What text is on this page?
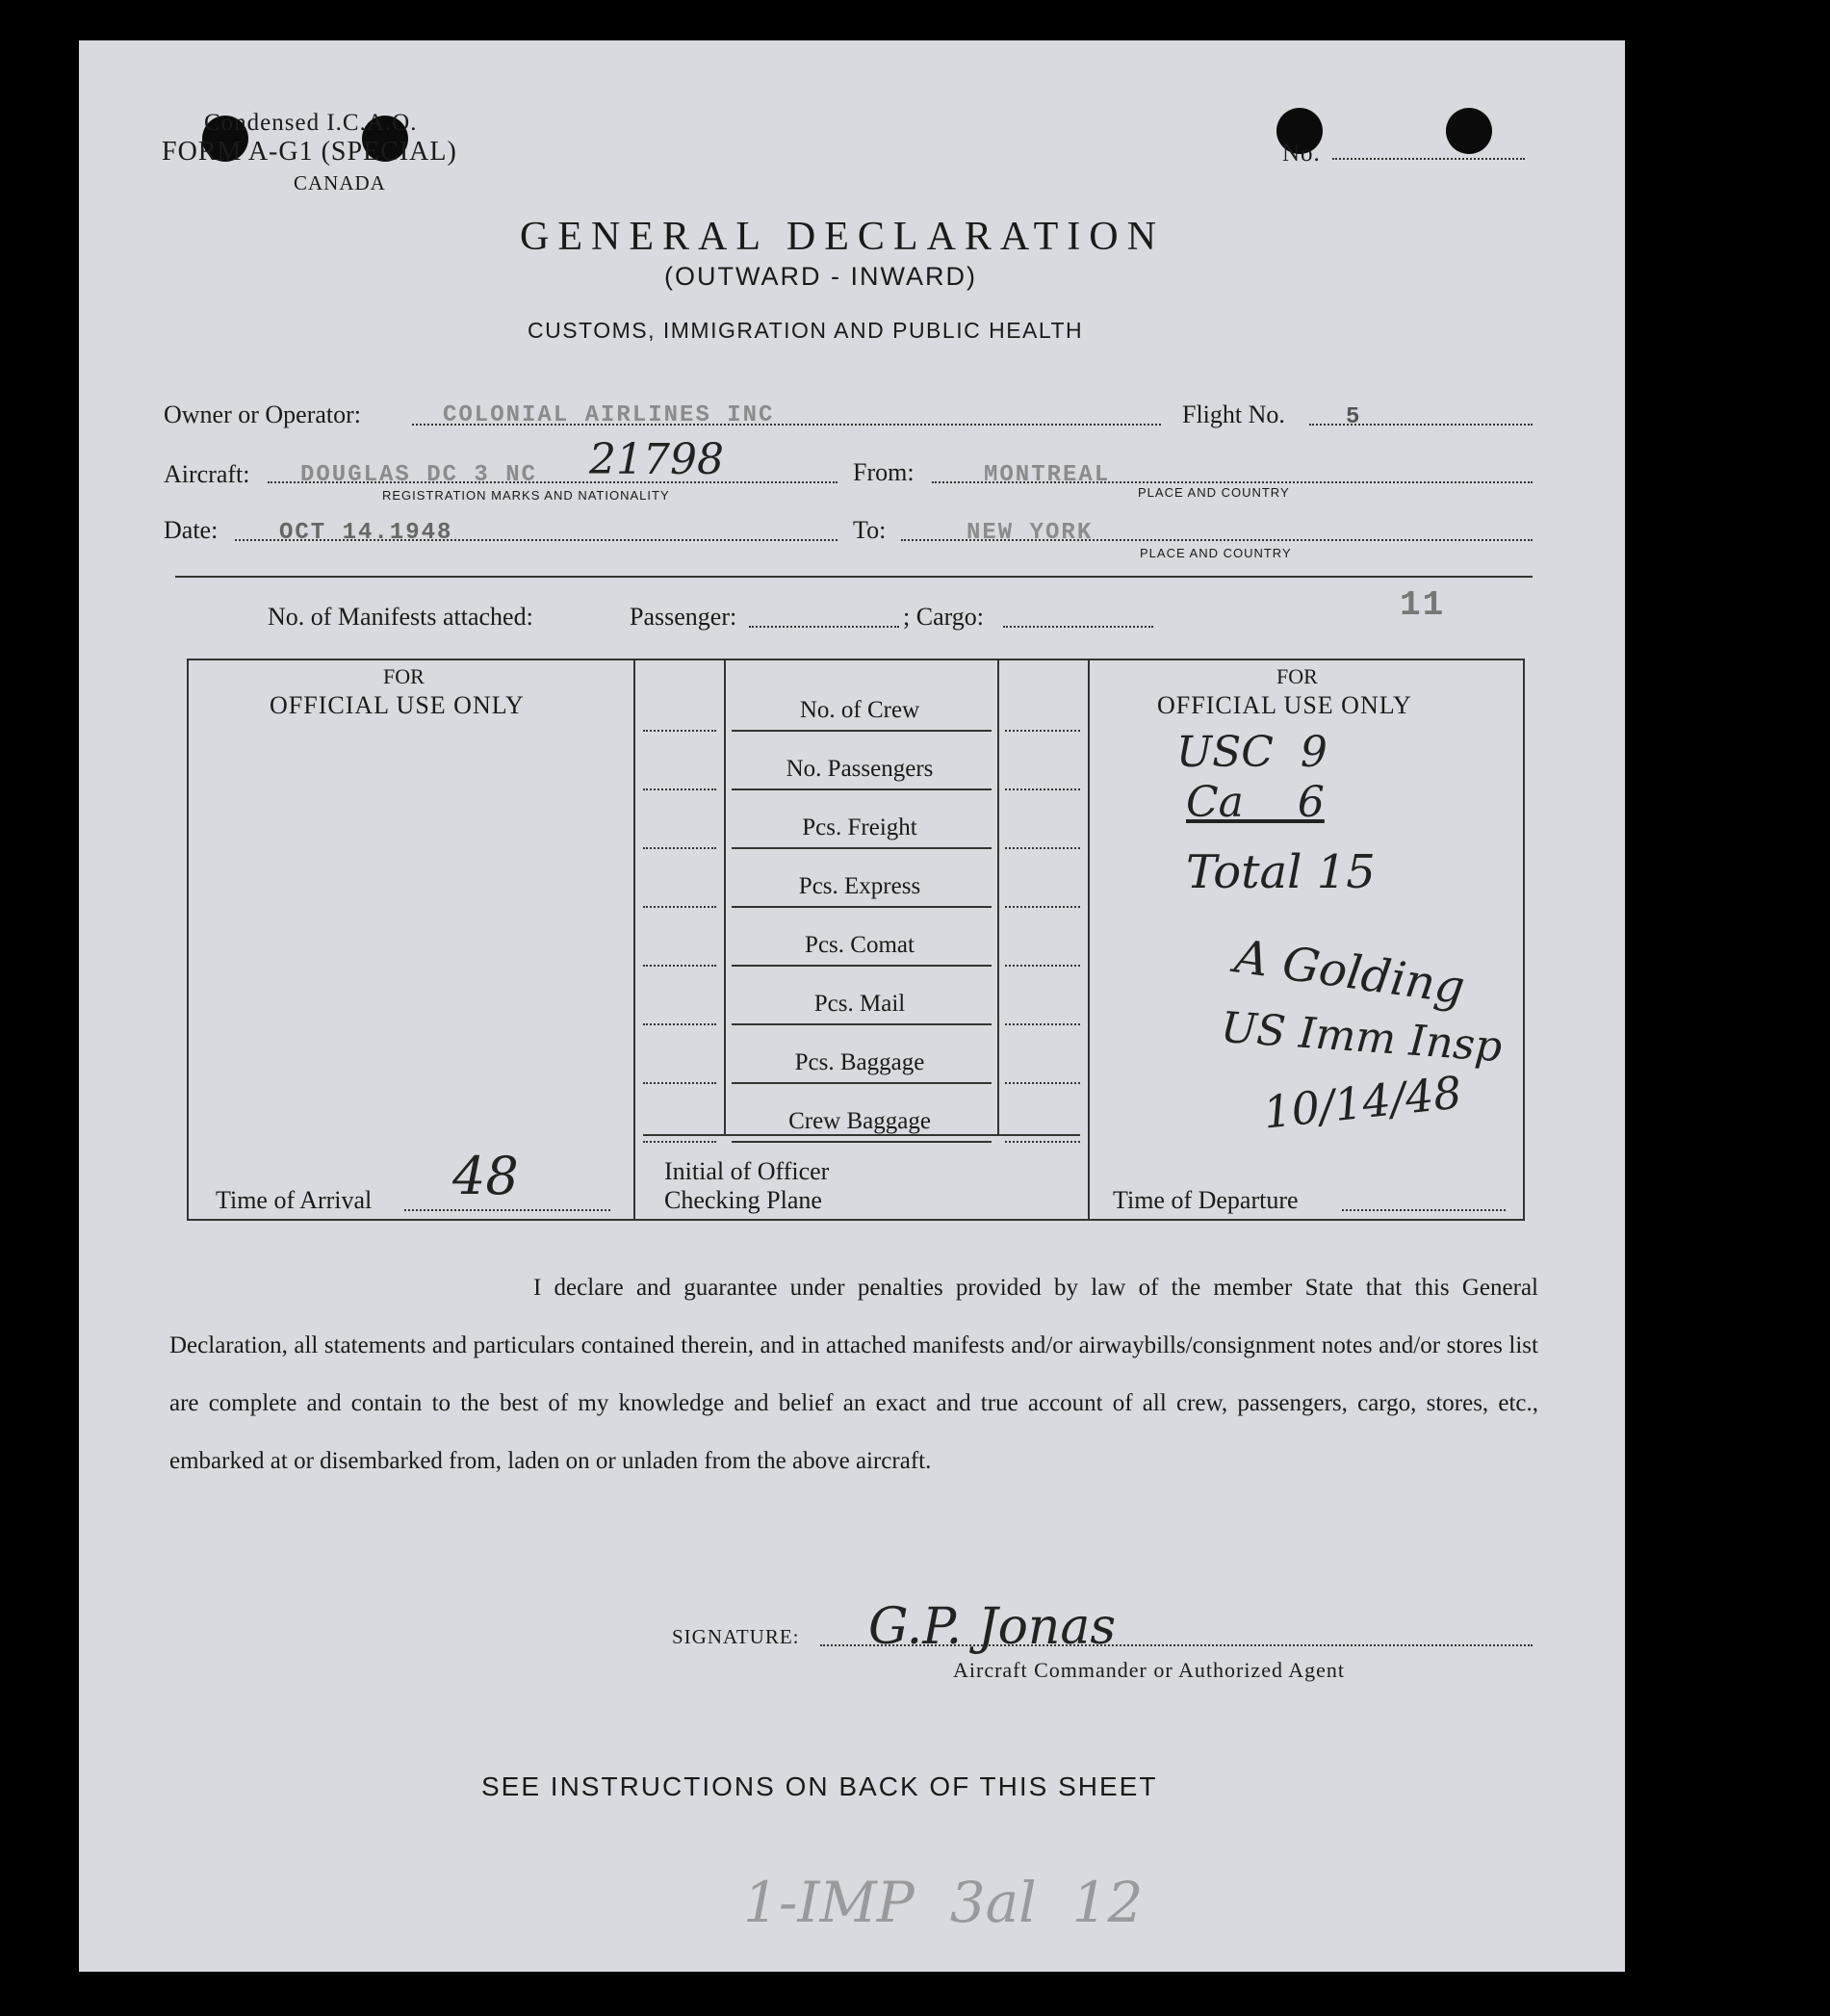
Condensed I.C.A.O.
FORM A-G1 (SPECIAL)
CANADA
No.
GENERAL DECLARATION
(OUTWARD - INWARD)
CUSTOMS, IMMIGRATION AND PUBLIC HEALTH
Owner or Operator:	COLONIAL AIRLINES INC	Flight No.	5
Aircraft: DOUGLAS DC 3 NC 21798
REGISTRATION MARKS AND NATIONALITY
From:	MONTREAL
PLACE AND COUNTRY
Date:	OCT 14.1948	To:	NEW YORK
PLACE AND COUNTRY
No. of Manifests attached:	Passenger:	; Cargo:	11
FOR
OFFICIAL USE ONLY
FOR
OFFICIAL USE ONLY
Initial of Officer
Checking Plane
Time of Arrival 48	Time of Departure
USC  9
Ca    6
Total 15
A Golding
US Imm Insp
10/14/48
I declare and guarantee under penalties provided by law of the member State that this General Declaration, all statements and particulars contained therein, and in attached manifests and/or airwaybills/consignment notes and/or stores list are complete and contain to the best of my knowledge and belief an exact and true account of all crew, passengers, cargo, stores, etc., embarked at or disembarked from, laden on or unladen from the above aircraft.
SIGNATURE: G.P. Jonas
Aircraft Commander or Authorized Agent
SEE INSTRUCTIONS ON BACK OF THIS SHEET
1-IMP  3al  12
No. of Crew
No. Passengers
Pcs. Freight
Pcs. Express
Pcs. Comat
Pcs. Mail
Pcs. Baggage
Crew Baggage
